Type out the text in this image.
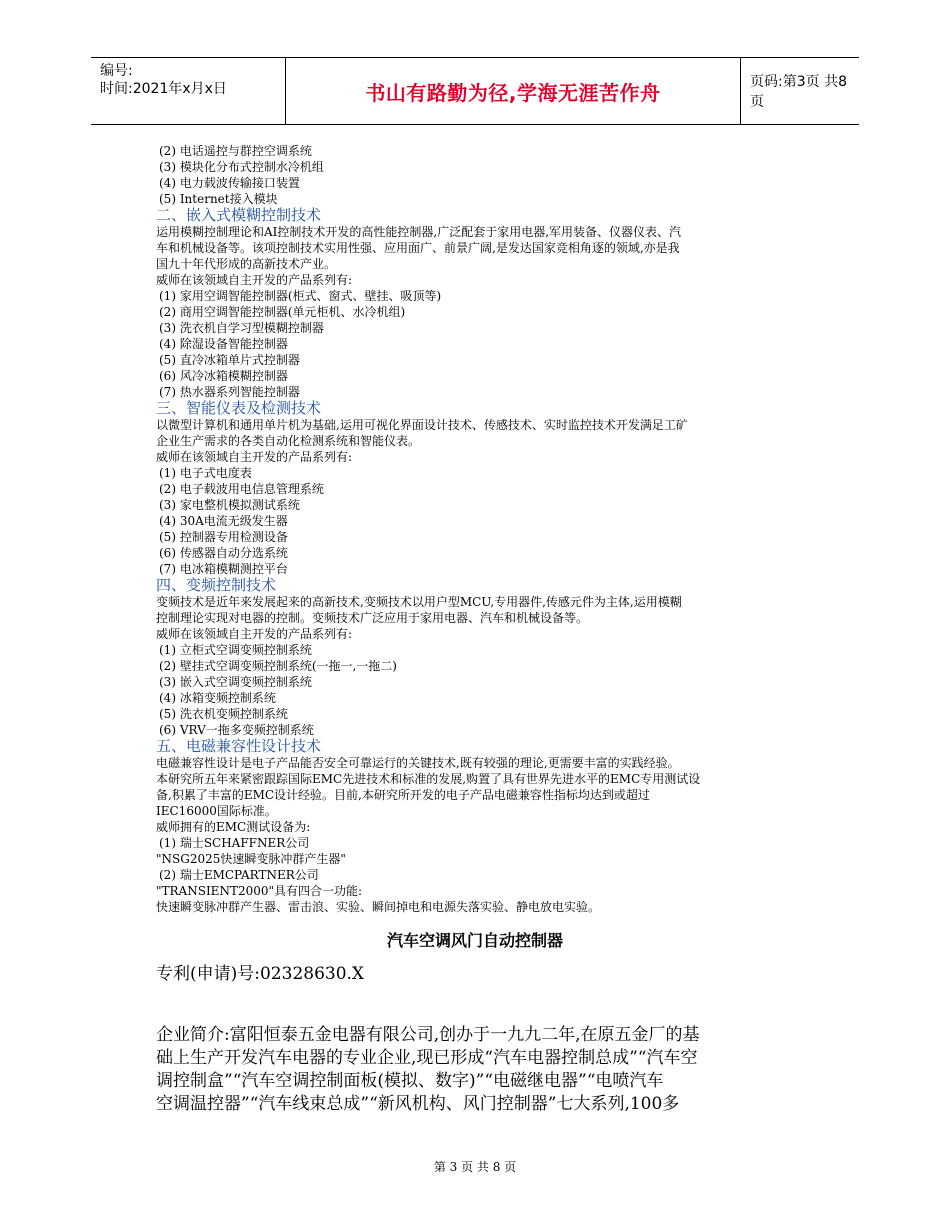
编号:
时间:2021年x月x日	书山有路勤为径,学海无涯苦作舟	页码:第3页 共8页
(2) 电话遥控与群控空调系统
(3) 模块化分布式控制水冷机组
(4) 电力载波传输接口装置
(5) Internet接入模块
二、嵌入式模糊控制技术
运用模糊控制理论和AI控制技术开发的高性能控制器,广泛配套于家用电器,军用装备、仪器仪表、汽
车和机械设备等。该项控制技术实用性强、应用面广、前景广阔,是发达国家竞相角逐的领域,亦是我
国九十年代形成的高新技术产业。
威师在该领域自主开发的产品系列有:
(1) 家用空调智能控制器(柜式、窗式、壁挂、吸顶等)
(2) 商用空调智能控制器(单元柜机、水冷机组)
(3) 洗衣机自学习型模糊控制器
(4) 除湿设备智能控制器
(5) 直冷冰箱单片式控制器
(6) 风冷冰箱模糊控制器
(7) 热水器系列智能控制器
三、智能仪表及检测技术
以微型计算机和通用单片机为基础,运用可视化界面设计技术、传感技术、实时监控技术开发满足工矿
企业生产需求的各类自动化检测系统和智能仪表。
威师在该领域自主开发的产品系列有:
(1) 电子式电度表
(2) 电子载波用电信息管理系统
(3) 家电整机模拟测试系统
(4) 30A电流无级发生器
(5) 控制器专用检测设备
(6) 传感器自动分选系统
(7) 电冰箱模糊测控平台
四、变频控制技术
变频技术是近年来发展起来的高新技术,变频技术以用户型MCU,专用器件,传感元件为主体,运用模糊
控制理论实现对电器的控制。变频技术广泛应用于家用电器、汽车和机械设备等。
威师在该领域自主开发的产品系列有:
(1) 立柜式空调变频控制系统
(2) 壁挂式空调变频控制系统(一拖一,一拖二)
(3) 嵌入式空调变频控制系统
(4) 冰箱变频控制系统
(5) 洗衣机变频控制系统
(6) VRV一拖多变频控制系统
五、电磁兼容性设计技术
电磁兼容性设计是电子产品能否安全可靠运行的关键技术,既有较强的理论,更需要丰富的实践经验。
本研究所五年来紧密跟踪国际EMC先进技术和标准的发展,购置了具有世界先进水平的EMC专用测试设
备,积累了丰富的EMC设计经验。目前,本研究所开发的电子产品电磁兼容性指标均达到或超过
IEC16000国际标准。
威师拥有的EMC测试设备为:
(1) 瑞士SCHAFFNER公司
"NSG2025快速瞬变脉冲群产生器"
(2) 瑞士EMCPARTNER公司
"TRANSIENT2000"具有四合一功能:
快速瞬变脉冲群产生器、雷击浪、实验、瞬间掉电和电源失落实验、静电放电实验。
汽车空调风门自动控制器
专利(申请)号:02328630.X
企业简介:富阳恒泰五金电器有限公司,创办于一九九二年,在原五金厂的基
础上生产开发汽车电器的专业企业,现已形成“汽车电器控制总成”“汽车空
调控制盒”“汽车空调控制面板(模拟、数字)”“电磁继电器”“电喷汽车
空调温控器”“汽车线束总成”“新风机构、风门控制器”七大系列,100多
第 3 页 共 8 页
